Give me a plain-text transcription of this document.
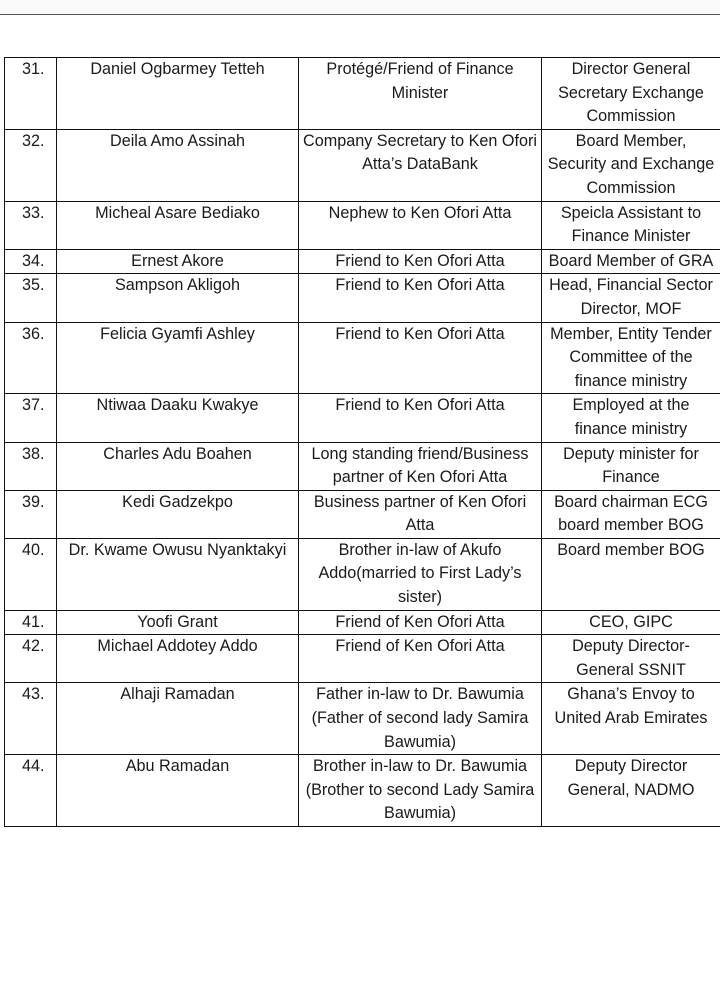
31.	Daniel Ogbarmey Tetteh	Protégé/Friend of Finance Minister	Director General Secretary Exchange Commission
32.	Deila Amo Assinah	Company Secretary to Ken Ofori Atta’s DataBank	Board Member, Security and Exchange Commission
33.	Micheal Asare Bediako	Nephew to Ken Ofori Atta	Speicla Assistant to Finance Minister
34.	Ernest Akore	Friend to Ken Ofori Atta	Board Member of GRA
35.	Sampson Akligoh	Friend to Ken Ofori Atta	Head, Financial Sector Director, MOF
36.	Felicia Gyamfi Ashley	Friend to Ken Ofori Atta	Member, Entity Tender Committee of the finance ministry
37.	Ntiwaa Daaku Kwakye	Friend to Ken Ofori Atta	Employed at the finance ministry
38.	Charles Adu Boahen	Long standing friend/Business partner of Ken Ofori Atta	Deputy minister for Finance
39.	Kedi Gadzekpo	Business partner of Ken Ofori Atta	Board chairman ECG board member BOG
40.	Dr. Kwame Owusu Nyanktakyi	Brother in-law of Akufo Addo(married to First Lady’s sister)	Board member BOG
41.	Yoofi Grant	Friend of Ken Ofori Atta	CEO, GIPC
42.	Michael Addotey Addo	Friend of Ken Ofori Atta	Deputy Director-General SSNIT
43.	Alhaji Ramadan	Father in-law to Dr. Bawumia (Father of second lady Samira Bawumia)	Ghana’s Envoy to United Arab Emirates
44.	Abu Ramadan	Brother in-law to Dr. Bawumia (Brother to second Lady Samira Bawumia)	Deputy Director General, NADMO
